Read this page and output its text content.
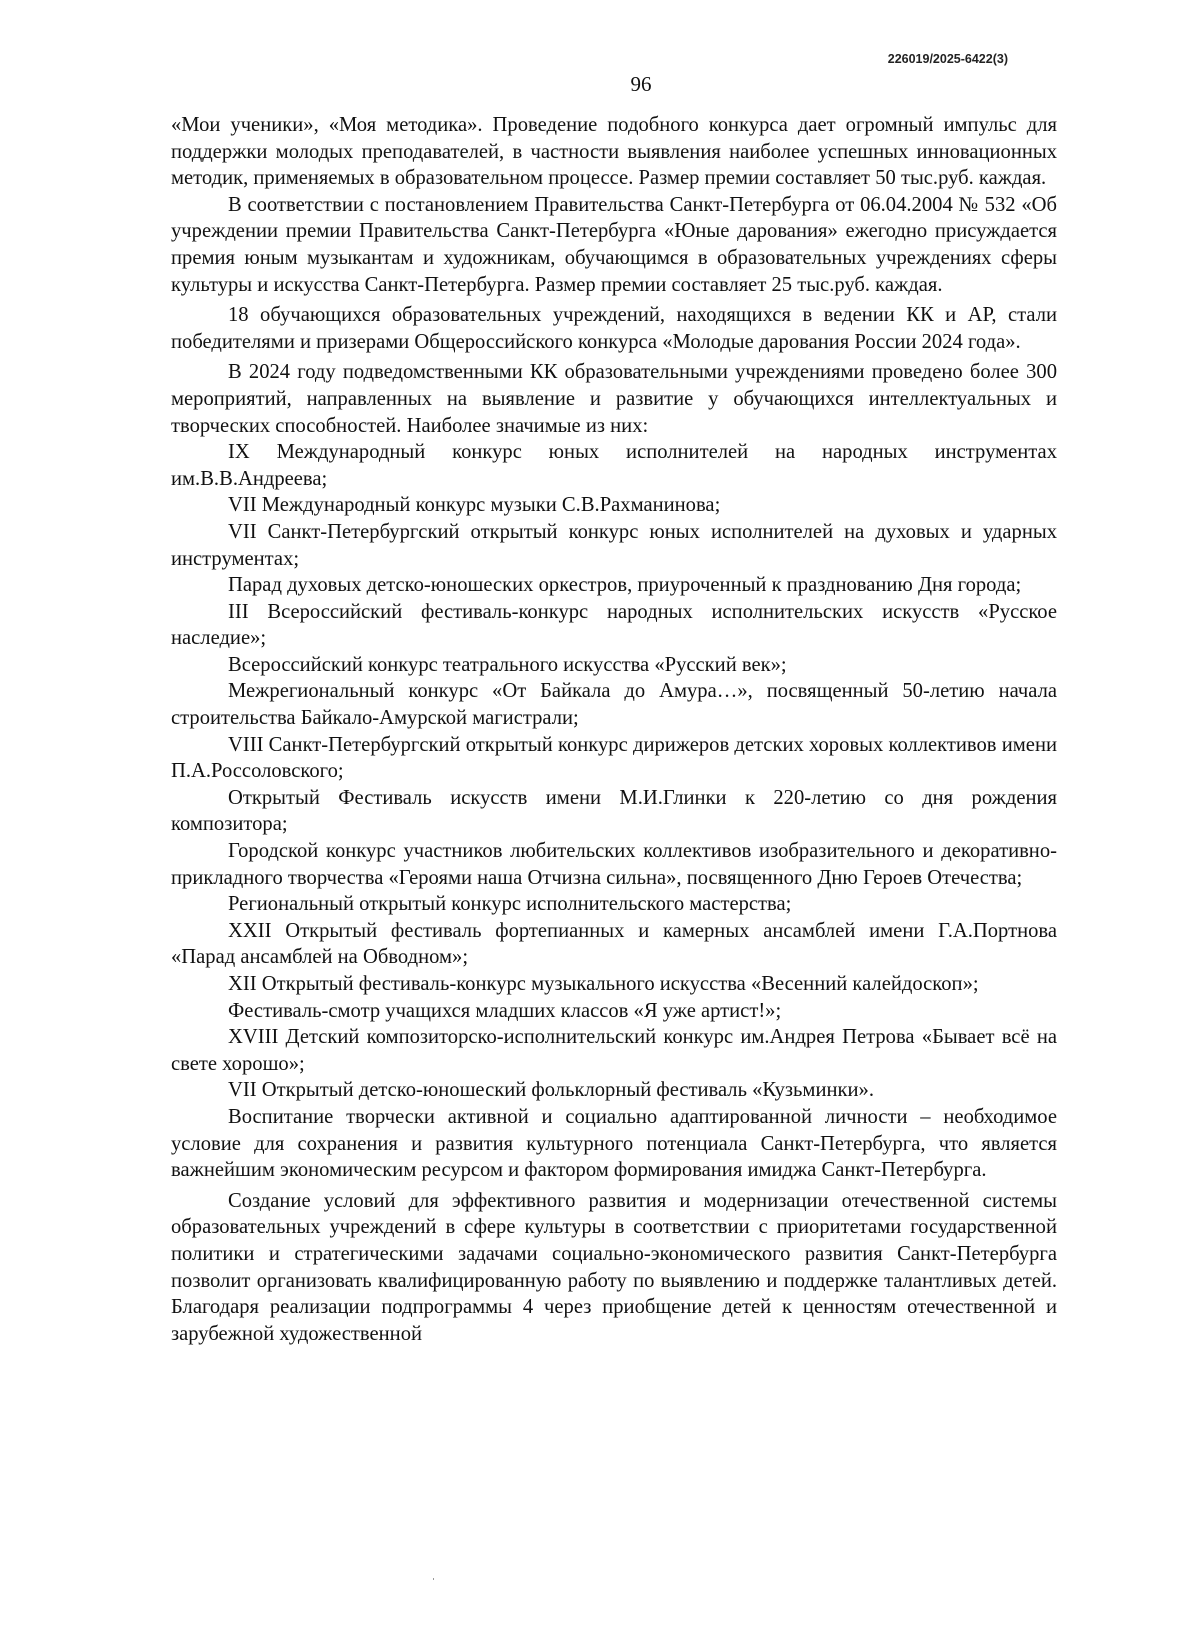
226019/2025-6422(3)
96

«Мои ученики», «Моя методика». Проведение подобного конкурса дает огромный импульс для поддержки молодых преподавателей, в частности выявления наиболее успешных инновационных методик, применяемых в образовательном процессе. Размер премии составляет 50 тыс.руб. каждая.

В соответствии с постановлением Правительства Санкт-Петербурга от 06.04.2004 № 532 «Об учреждении премии Правительства Санкт-Петербурга «Юные дарования» ежегодно присуждается премия юным музыкантам и художникам, обучающимся в образовательных учреждениях сферы культуры и искусства Санкт-Петербурга. Размер премии составляет 25 тыс.руб. каждая.

18 обучающихся образовательных учреждений, находящихся в ведении КК и АР, стали победителями и призерами Общероссийского конкурса «Молодые дарования России 2024 года».

В 2024 году подведомственными КК образовательными учреждениями проведено более 300 мероприятий, направленных на выявление и развитие у обучающихся интеллектуальных и творческих способностей. Наиболее значимые из них:

IX Международный конкурс юных исполнителей на народных инструментах им.В.В.Андреева;

VII Международный конкурс музыки С.В.Рахманинова;

VII Санкт-Петербургский открытый конкурс юных исполнителей на духовых и ударных инструментах;

Парад духовых детско-юношеских оркестров, приуроченный к празднованию Дня города;

III Всероссийский фестиваль-конкурс народных исполнительских искусств «Русское наследие»;

Всероссийский конкурс театрального искусства «Русский век»;

Межрегиональный конкурс «От Байкала до Амура…», посвященный 50-летию начала строительства Байкало-Амурской магистрали;

VIII Санкт-Петербургский открытый конкурс дирижеров детских хоровых коллективов имени П.А.Россоловского;

Открытый Фестиваль искусств имени М.И.Глинки к 220-летию со дня рождения композитора;

Городской конкурс участников любительских коллективов изобразительного и декоративно-прикладного творчества «Героями наша Отчизна сильна», посвященного Дню Героев Отечества;

Региональный открытый конкурс исполнительского мастерства;

XXII Открытый фестиваль фортепианных и камерных ансамблей имени Г.А.Портнова «Парад ансамблей на Обводном»;

XII Открытый фестиваль-конкурс музыкального искусства «Весенний калейдоскоп»;

Фестиваль-смотр учащихся младших классов «Я уже артист!»;

XVIII Детский композиторско-исполнительский конкурс им.Андрея Петрова «Бывает всё на свете хорошо»;

VII Открытый детско-юношеский фольклорный фестиваль «Кузьминки».

Воспитание творчески активной и социально адаптированной личности – необходимое условие для сохранения и развития культурного потенциала Санкт-Петербурга, что является важнейшим экономическим ресурсом и фактором формирования имиджа Санкт-Петербурга.

Создание условий для эффективного развития и модернизации отечественной системы образовательных учреждений в сфере культуры в соответствии с приоритетами государственной политики и стратегическими задачами социально-экономического развития Санкт-Петербурга позволит организовать квалифицированную работу по выявлению и поддержке талантливых детей. Благодаря реализации подпрограммы 4 через приобщение детей к ценностям отечественной и зарубежной художественной
